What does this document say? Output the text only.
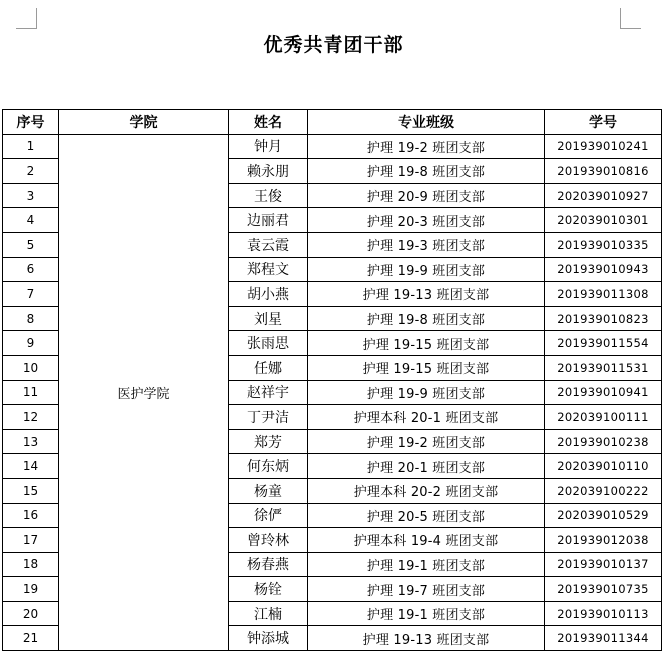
优秀共青团干部
序号	学院	姓名	专业班级	学号
1	医护学院	钟月	护理 19-2 班团支部	201939010241
2		赖永朋	护理 19-8 班团支部	201939010816
3		王俊	护理 20-9 班团支部	202039010927
4		边丽君	护理 20-3 班团支部	202039010301
5		袁云霞	护理 19-3 班团支部	201939010335
6		郑程文	护理 19-9 班团支部	201939010943
7		胡小燕	护理 19-13 班团支部	201939011308
8		刘星	护理 19-8 班团支部	201939010823
9		张雨思	护理 19-15 班团支部	201939011554
10		任娜	护理 19-15 班团支部	201939011531
11		赵祥宇	护理 19-9 班团支部	201939010941
12		丁尹洁	护理本科 20-1 班团支部	202039100111
13		郑芳	护理 19-2 班团支部	201939010238
14		何东炳	护理 20-1 班团支部	202039010110
15		杨童	护理本科 20-2 班团支部	202039100222
16		徐俨	护理 20-5 班团支部	202039010529
17		曾玲林	护理本科 19-4 班团支部	201939012038
18		杨春燕	护理 19-1 班团支部	201939010137
19		杨铨	护理 19-7 班团支部	201939010735
20		江楠	护理 19-1 班团支部	201939010113
21		钟添城	护理 19-13 班团支部	201939011344
